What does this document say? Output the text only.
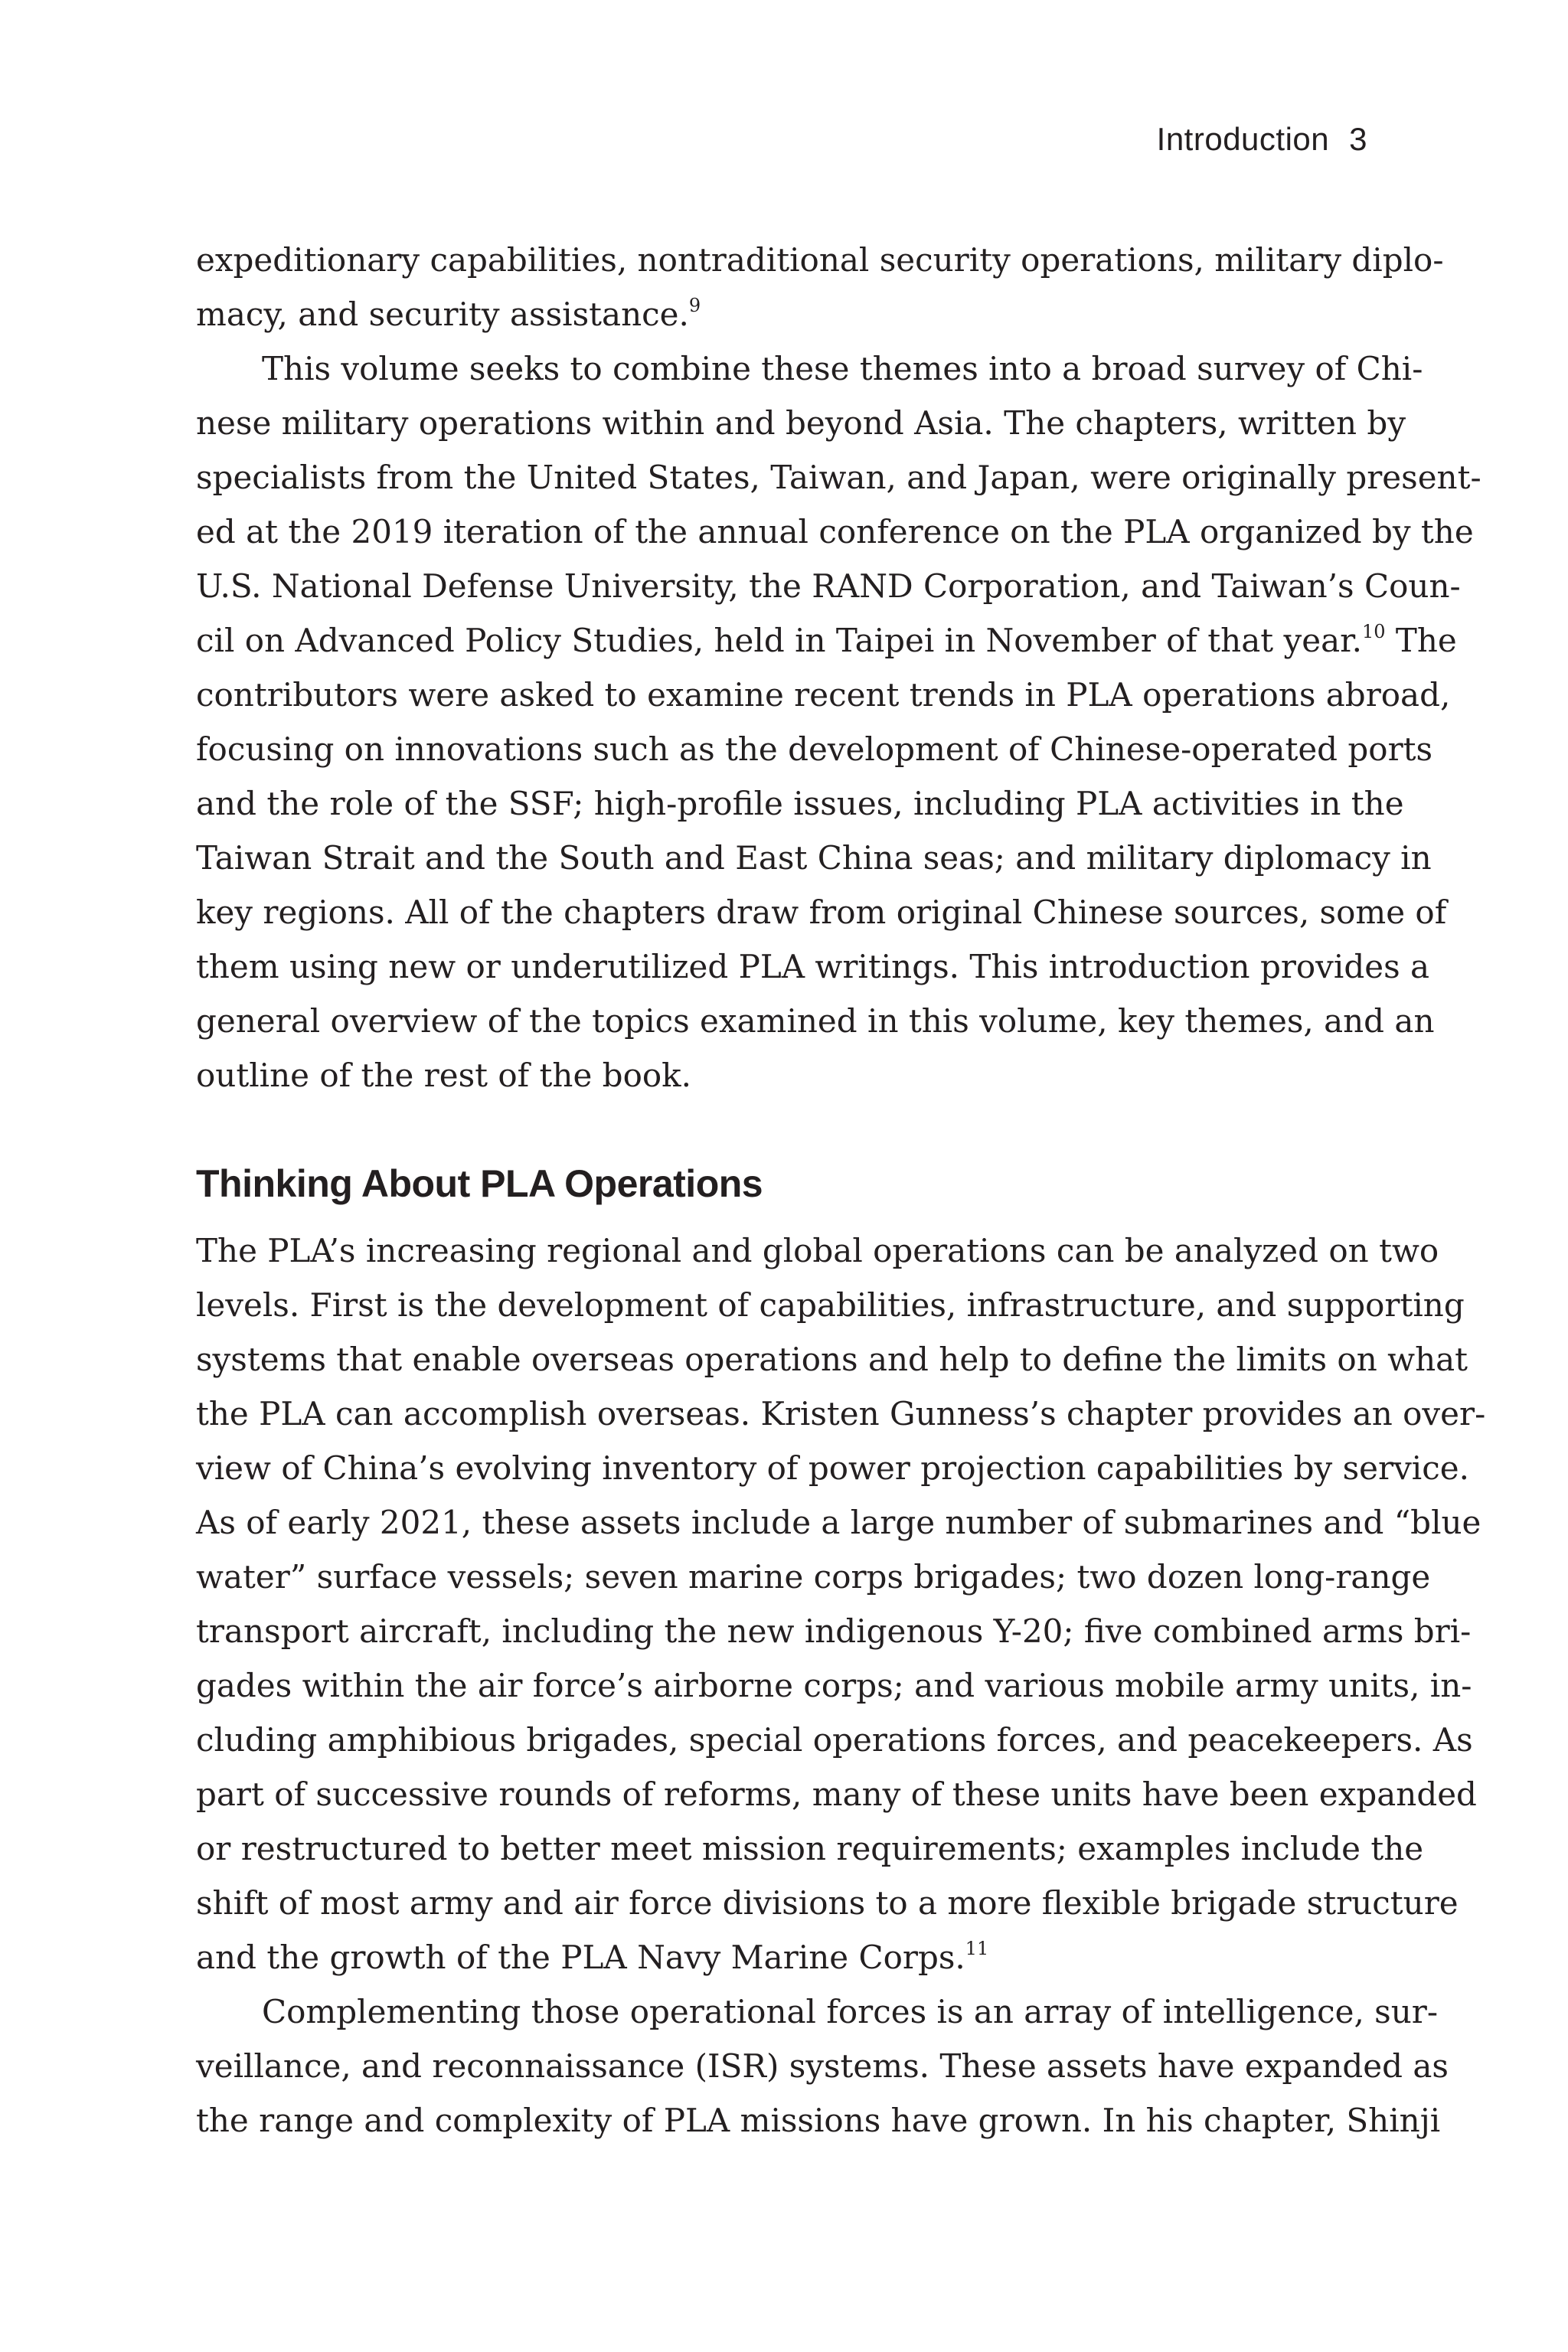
Introduction 3
expeditionary capabilities, nontraditional security operations, military diplo-
macy, and security assistance.$^9$
This volume seeks to combine these themes into a broad survey of Chi-
nese military operations within and beyond Asia. The chapters, written by
specialists from the United States, Taiwan, and Japan, were originally present-
ed at the 2019 iteration of the annual conference on the PLA organized by the
U.S. National Defense University, the RAND Corporation, and Taiwan’s Coun-
cil on Advanced Policy Studies, held in Taipei in November of that year.$^{10}$ The
contributors were asked to examine recent trends in PLA operations abroad,
focusing on innovations such as the development of Chinese-operated ports
and the role of the SSF; high-profile issues, including PLA activities in the
Taiwan Strait and the South and East China seas; and military diplomacy in
key regions. All of the chapters draw from original Chinese sources, some of
them using new or underutilized PLA writings. This introduction provides a
general overview of the topics examined in this volume, key themes, and an
outline of the rest of the book.
Thinking About PLA Operations
The PLA’s increasing regional and global operations can be analyzed on two
levels. First is the development of capabilities, infrastructure, and supporting
systems that enable overseas operations and help to define the limits on what
the PLA can accomplish overseas. Kristen Gunness’s chapter provides an over-
view of China’s evolving inventory of power projection capabilities by service.
As of early 2021, these assets include a large number of submarines and “blue
water” surface vessels; seven marine corps brigades; two dozen long-range
transport aircraft, including the new indigenous Y-20; five combined arms bri-
gades within the air force’s airborne corps; and various mobile army units, in-
cluding amphibious brigades, special operations forces, and peacekeepers. As
part of successive rounds of reforms, many of these units have been expanded
or restructured to better meet mission requirements; examples include the
shift of most army and air force divisions to a more flexible brigade structure
and the growth of the PLA Navy Marine Corps.$^{11}$
Complementing those operational forces is an array of intelligence, sur-
veillance, and reconnaissance (ISR) systems. These assets have expanded as
the range and complexity of PLA missions have grown. In his chapter, Shinji
